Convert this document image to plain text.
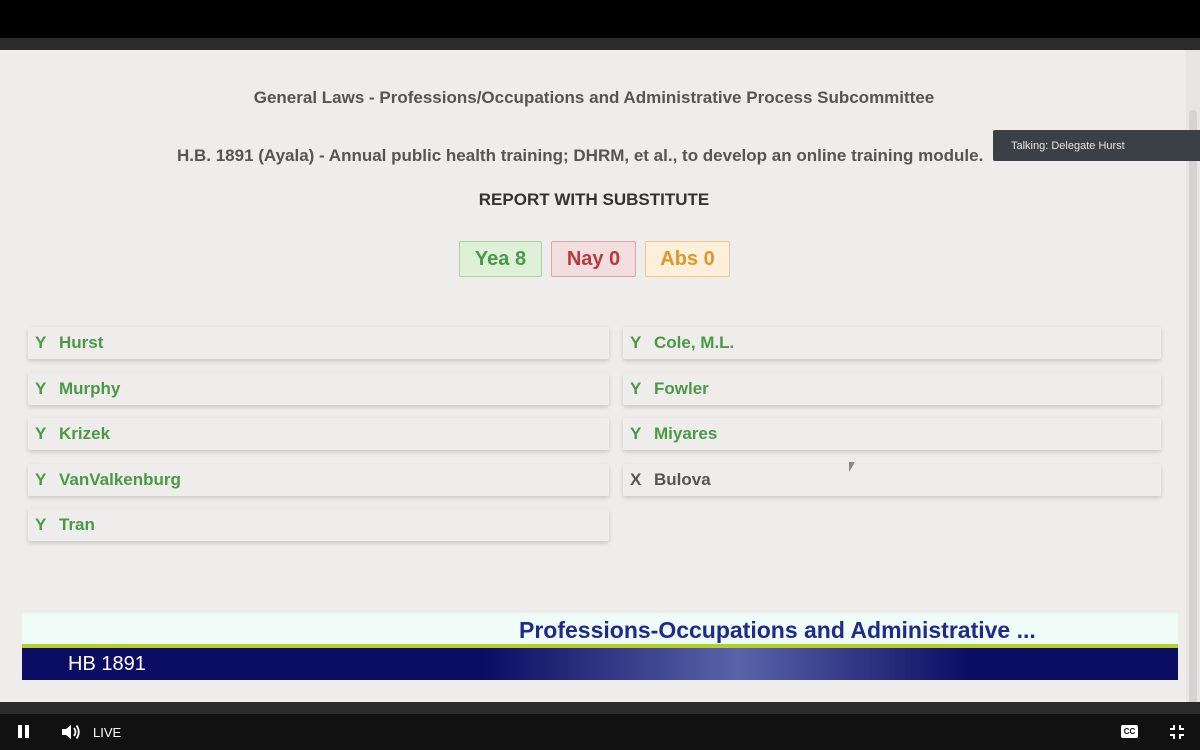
General Laws - Professions/Occupations and Administrative Process Subcommittee
H.B. 1891 (Ayala) - Annual public health training; DHRM, et al., to develop an online training module.
REPORT WITH SUBSTITUTE
Talking: Delegate Hurst
Yea 8	Nay 0	Abs 0
Y Hurst
Y Murphy
Y Krizek
Y VanValkenburg
Y Tran
Y Cole, M.L.
Y Fowler
Y Miyares
X Bulova
Professions-Occupations and Administrative ...
HB 1891
LIVE	CC
